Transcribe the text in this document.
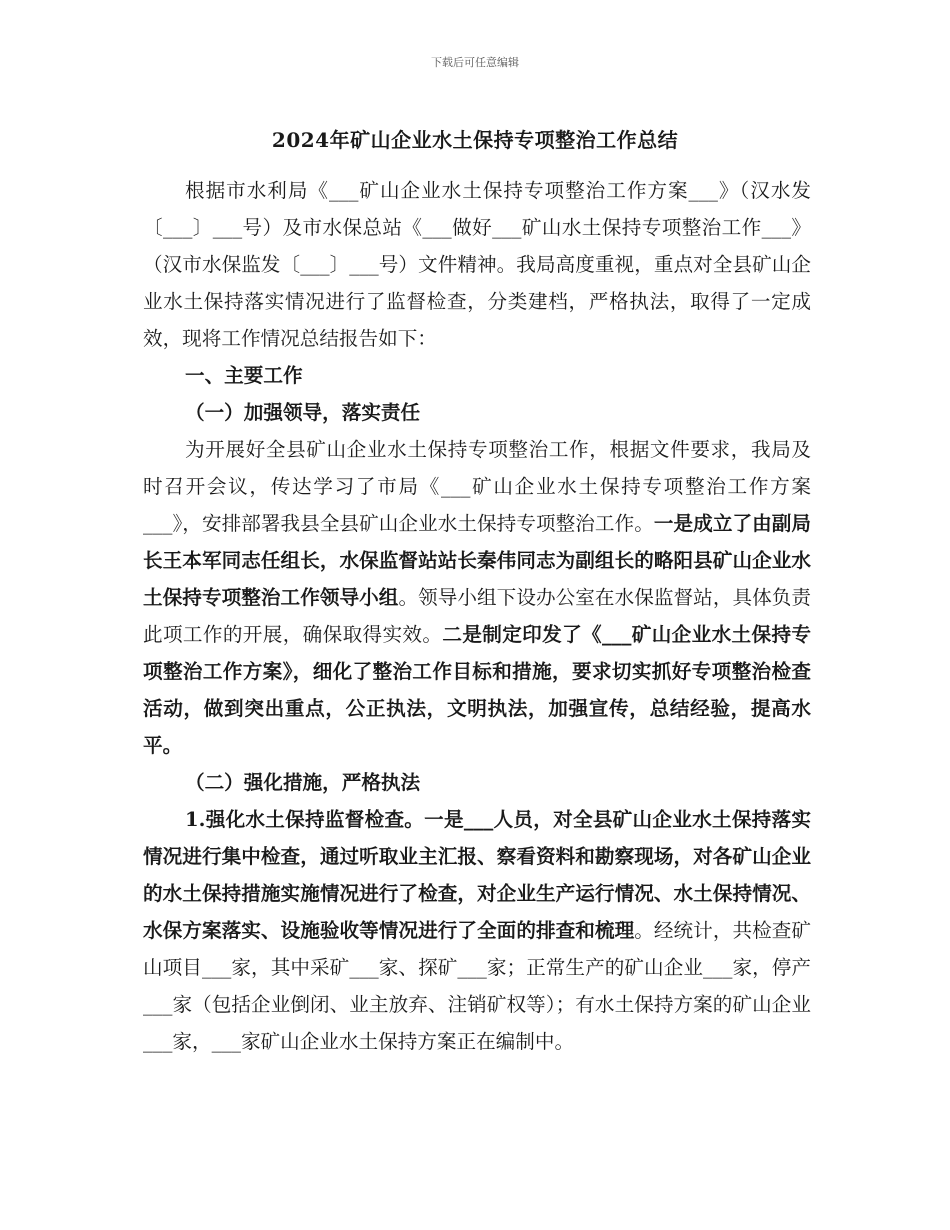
下载后可任意编辑
2024年矿山企业水土保持专项整治工作总结

根据市水利局《___矿山企业水土保持专项整治工作方案___》（汉水发〔___〕___号）及市水保总站《___做好___矿山水土保持专项整治工作___》（汉市水保监发〔___〕___号）文件精神。我局高度重视，重点对全县矿山企业水土保持落实情况进行了监督检查，分类建档，严格执法，取得了一定成效，现将工作情况总结报告如下：

一、主要工作

（一）加强领导，落实责任

为开展好全县矿山企业水土保持专项整治工作，根据文件要求，我局及时召开会议，传达学习了市局《___矿山企业水土保持专项整治工作方案___》，安排部署我县全县矿山企业水土保持专项整治工作。一是成立了由副局长王本军同志任组长，水保监督站站长秦伟同志为副组长的略阳县矿山企业水土保持专项整治工作领导小组。领导小组下设办公室在水保监督站，具体负责此项工作的开展，确保取得实效。二是制定印发了《___矿山企业水土保持专项整治工作方案》，细化了整治工作目标和措施，要求切实抓好专项整治检查活动，做到突出重点，公正执法，文明执法，加强宣传，总结经验，提高水平。

（二）强化措施，严格执法

1.强化水土保持监督检查。一是___人员，对全县矿山企业水土保持落实情况进行集中检查，通过听取业主汇报、察看资料和勘察现场，对各矿山企业的水土保持措施实施情况进行了检查，对企业生产运行情况、水土保持情况、水保方案落实、设施验收等情况进行了全面的排查和梳理。经统计，共检查矿山项目___家，其中采矿___家、探矿___家；正常生产的矿山企业___家，停产___家（包括企业倒闭、业主放弃、注销矿权等）；有水土保持方案的矿山企业___家，___家矿山企业水土保持方案正在编制中。
